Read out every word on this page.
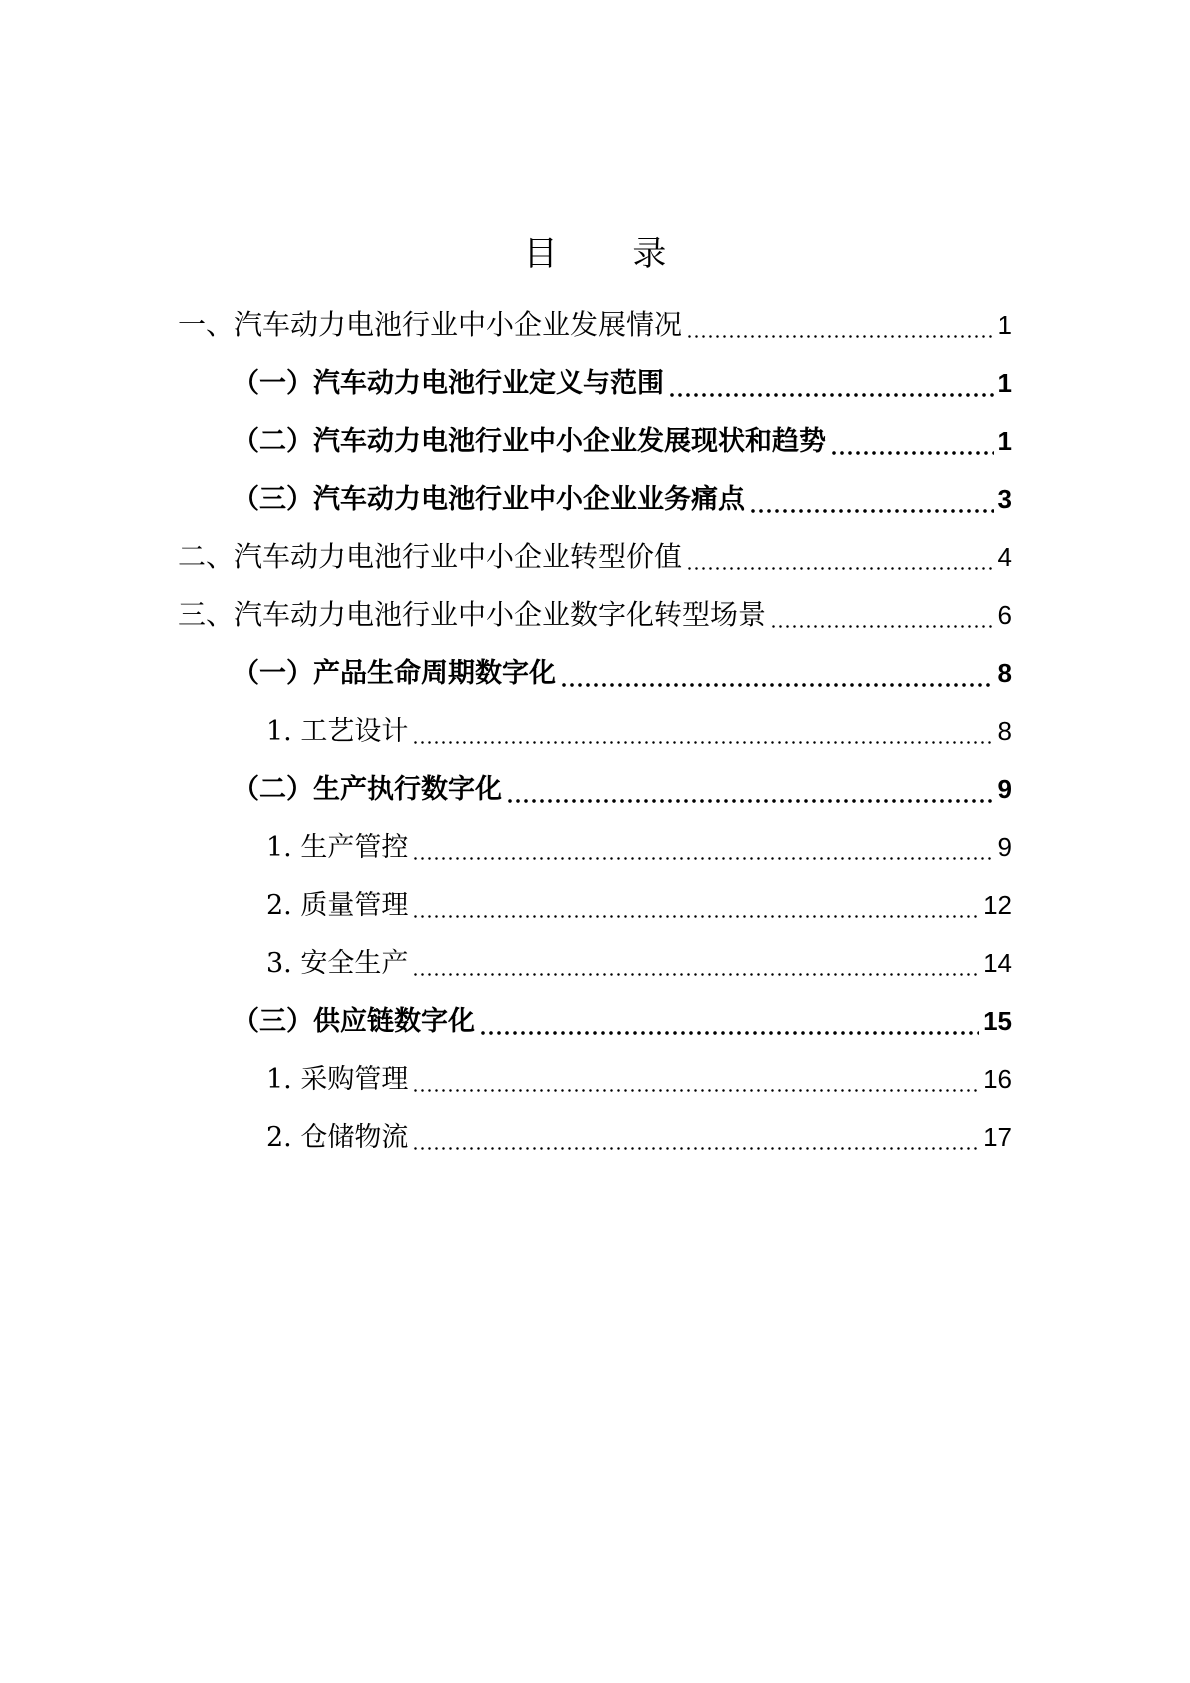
目 录
一、汽车动力电池行业中小企业发展情况	1
（一）汽车动力电池行业定义与范围	1
（二）汽车动力电池行业中小企业发展现状和趋势	1
（三）汽车动力电池行业中小企业业务痛点	3
二、汽车动力电池行业中小企业转型价值	4
三、汽车动力电池行业中小企业数字化转型场景	6
（一）产品生命周期数字化	8
1. 工艺设计	8
（二）生产执行数字化	9
1. 生产管控	9
2. 质量管理	12
3. 安全生产	14
（三）供应链数字化	15
1. 采购管理	16
2. 仓储物流	17
